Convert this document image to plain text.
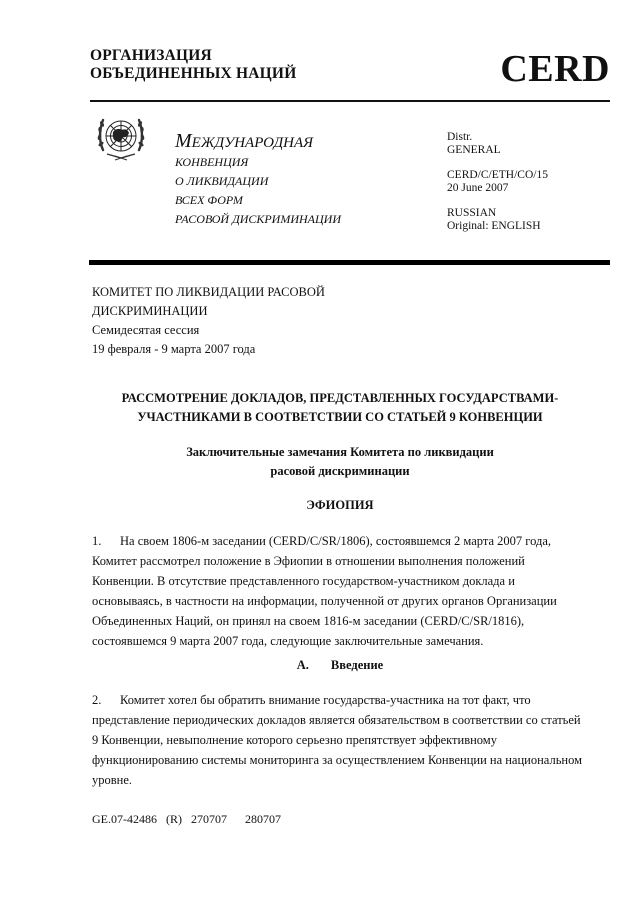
ОРГАНИЗАЦИЯ
ОБЪЕДИНЕННЫХ НАЦИЙ	CERD
МЕЖДУНАРОДНАЯ
КОНВЕНЦИЯ
О ЛИКВИДАЦИИ
ВСЕХ ФОРМ
РАСОВОЙ ДИСКРИМИНАЦИИ
Distr.
GENERAL
CERD/C/ETH/CO/15
20 June 2007
RUSSIAN
Original: ENGLISH
КОМИТЕТ ПО ЛИКВИДАЦИИ РАСОВОЙ
ДИСКРИМИНАЦИИ
Семидесятая сессия
19 февраля - 9 марта 2007 года
РАССМОТРЕНИЕ ДОКЛАДОВ, ПРЕДСТАВЛЕННЫХ ГОСУДАРСТВАМИ-
УЧАСТНИКАМИ В СООТВЕТСТВИИ СО СТАТЬЕЙ 9 КОНВЕНЦИИ
Заключительные замечания Комитета по ликвидации
расовой дискриминации
ЭФИОПИЯ
1. На своем 1806-м заседании (CERD/C/SR/1806), состоявшемся 2 марта 2007 года, Комитет рассмотрел положение в Эфиопии в отношении выполнения положений Конвенции. В отсутствие представленного государством-участником доклада и основываясь, в частности на информации, полученной от других органов Организации Объединенных Наций, он принял на своем 1816-м заседании (CERD/C/SR/1816), состоявшемся 9 марта 2007 года, следующие заключительные замечания.
A. Введение
2. Комитет хотел бы обратить внимание государства-участника на тот факт, что представление периодических докладов является обязательством в соответствии со статьей 9 Конвенции, невыполнение которого серьезно препятствует эффективному функционированию системы мониторинга за осуществлением Конвенции на национальном уровне.
GE.07-42486   (R)   270707      280707
